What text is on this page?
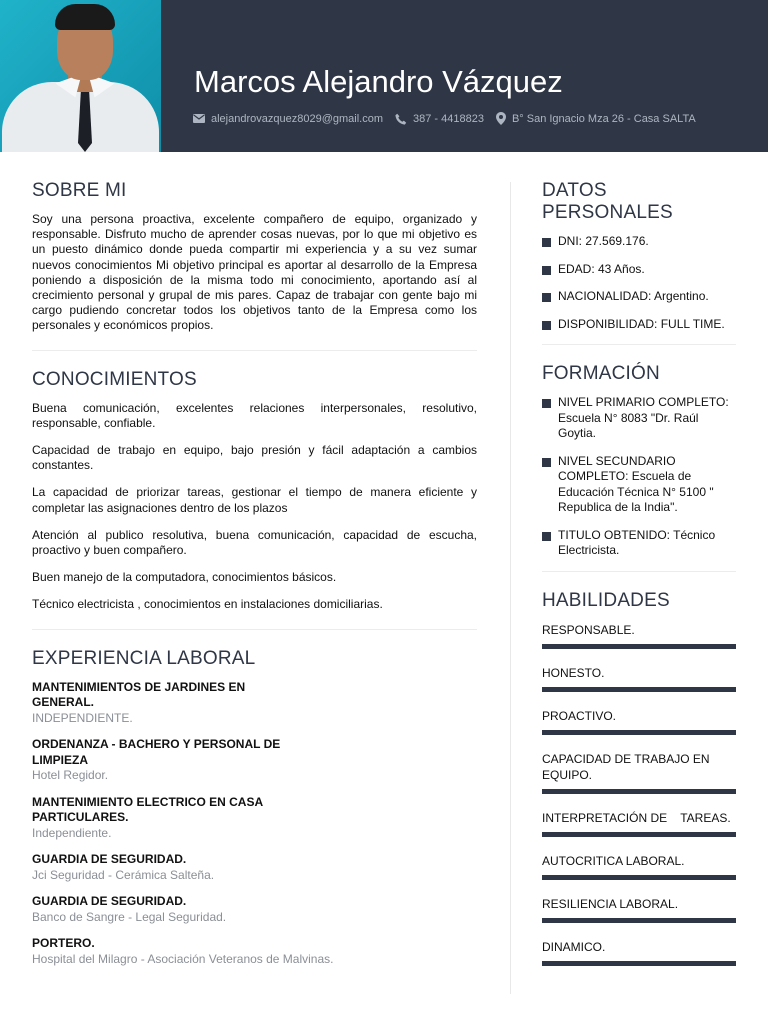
Marcos Alejandro Vázquez
alejandrovazquez8029@gmail.com	387 - 4418823	B° San Ignacio Mza 26 - Casa SALTA
SOBRE MI

Soy una persona proactiva, excelente compañero de equipo, organizado y responsable. Disfruto mucho de aprender cosas nuevas, por lo que mi objetivo es un puesto dinámico donde pueda compartir mi experiencia y a su vez sumar nuevos conocimientos Mi objetivo principal es aportar al desarrollo de la Empresa poniendo a disposición de la misma todo mi conocimiento, aportando así al crecimiento personal y grupal de mis pares. Capaz de trabajar con gente bajo mi cargo pudiendo concretar todos los objetivos tanto de la Empresa como los personales y económicos propios.

CONOCIMIENTOS

Buena comunicación, excelentes relaciones interpersonales, resolutivo, responsable, confiable.

Capacidad de trabajo en equipo, bajo presión y fácil adaptación a cambios constantes.

La capacidad de priorizar tareas, gestionar el tiempo de manera eficiente y completar las asignaciones dentro de los plazos

Atención al publico resolutiva, buena comunicación, capacidad de escucha, proactivo y buen compañero.

Buen manejo de la computadora, conocimientos básicos.

Técnico electricista , conocimientos en instalaciones domiciliarias.

EXPERIENCIA LABORAL
MANTENIMIENTOS DE JARDINES EN GENERAL.
INDEPENDIENTE.
ORDENANZA - BACHERO Y PERSONAL DE LIMPIEZA
Hotel Regidor.
MANTENIMIENTO ELECTRICO EN CASA PARTICULARES.
Independiente.
GUARDIA DE SEGURIDAD.
Jci Seguridad - Cerámica Salteña.
GUARDIA DE SEGURIDAD.
Banco de Sangre - Legal Seguridad.
PORTERO.
Hospital del Milagro - Asociación Veteranos de Malvinas.
DATOS PERSONALES
DNI: 27.569.176.
EDAD: 43 Años.
NACIONALIDAD: Argentino.
DISPONIBILIDAD: FULL TIME.
FORMACIÓN
NIVEL PRIMARIO COMPLETO: Escuela N° 8083 "Dr. Raúl Goytia.
NIVEL SECUNDARIO COMPLETO: Escuela de Educación Técnica N° 5100 " Republica de la India".
TITULO OBTENIDO: Técnico Electricista.
HABILIDADES
RESPONSABLE.
HONESTO.
PROACTIVO.
CAPACIDAD DE TRABAJO EN EQUIPO.
INTERPRETACIÓN DE    TAREAS.
AUTOCRITICA LABORAL.
RESILIENCIA LABORAL.
DINAMICO.
